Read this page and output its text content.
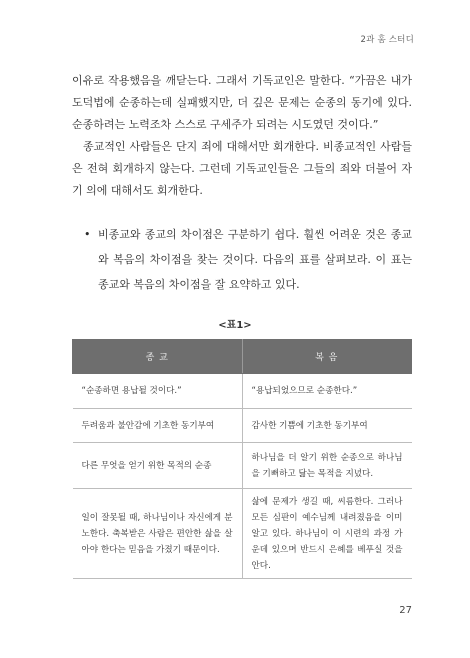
2과 홈 스터디

이유로 작용했음을 깨닫는다. 그래서 기독교인은 말한다. “가끔은 내가 도덕법에 순종하는데 실패했지만, 더 깊은 문제는 순종의 동기에 있다. 순종하려는 노력조차 스스로 구세주가 되려는 시도였던 것이다.”

종교적인 사람들은 단지 죄에 대해서만 회개한다. 비종교적인 사람들은 전혀 회개하지 않는다. 그런데 기독교인들은 그들의 죄와 더불어 자기 의에 대해서도 회개한다.

• 비종교와 종교의 차이점은 구분하기 쉽다. 훨씬 어려운 것은 종교와 복음의 차이점을 찾는 것이다. 다음의 표를 살펴보라. 이 표는 종교와 복음의 차이점을 잘 요약하고 있다.
<표1>
종 교	복 음
“순종하면 용납될 것이다.”	“용납되었으므로 순종한다.”
두려움과 불안감에 기초한 동기부여	감사한 기쁨에 기초한 동기부여
다른 무엇을 얻기 위한 목적의 순종	하나님을 더 알기 위한 순종으로 하나님을 기뻐하고 닮는 목적을 지녔다.
일이 잘못될 때, 하나님이나 자신에게 분노한다. 축복받은 사람은 편안한 삶을 살아야 한다는 믿음을 가졌기 때문이다.	삶에 문제가 생길 때, 씨름한다. 그러나 모든 심판이 예수님께 내려졌음을 이미 알고 있다. 하나님이 이 시련의 과정 가운데 있으며 반드시 은혜를 베푸실 것을 안다.
27
